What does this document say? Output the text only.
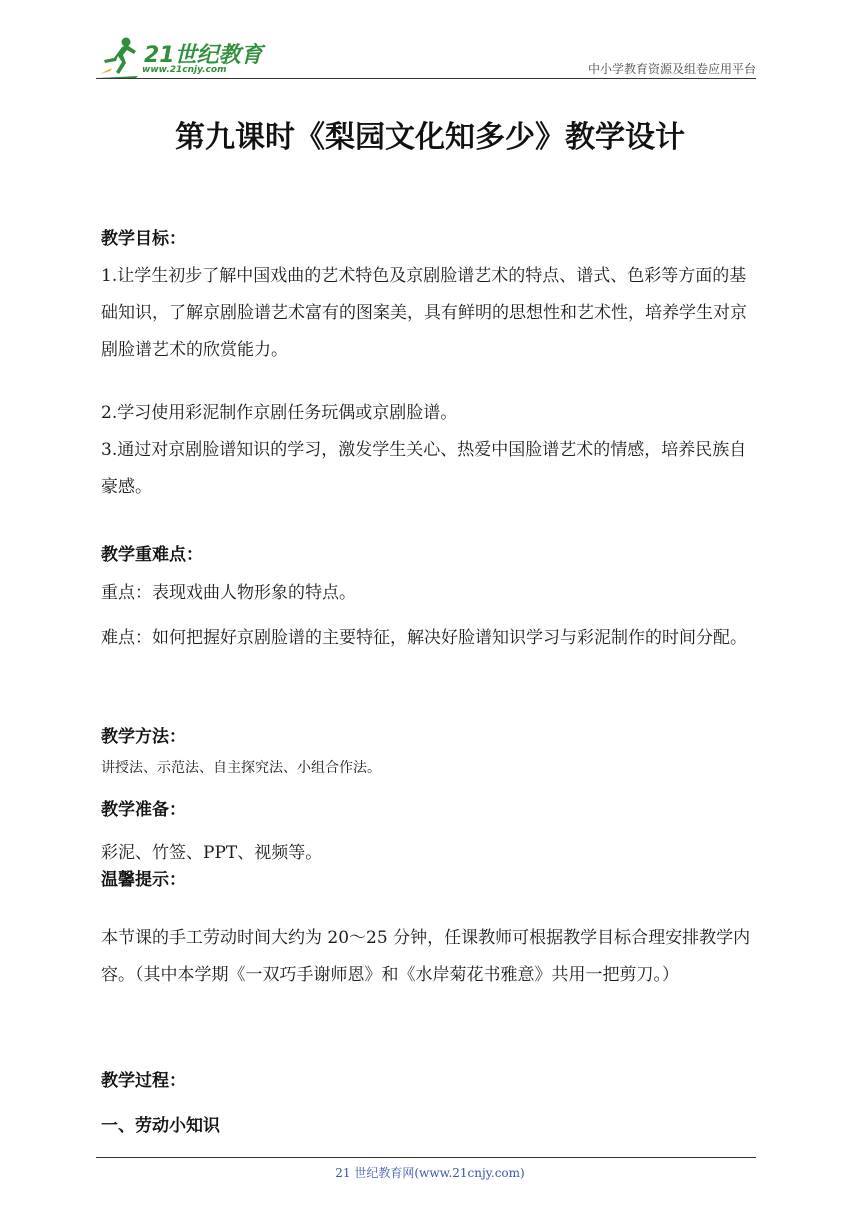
21世纪教育
www.21cnjy.com	中小学教育资源及组卷应用平台
第九课时《梨园文化知多少》教学设计
教学目标：
1.让学生初步了解中国戏曲的艺术特色及京剧脸谱艺术的特点、谱式、色彩等方面的基础知识，了解京剧脸谱艺术富有的图案美，具有鲜明的思想性和艺术性，培养学生对京剧脸谱艺术的欣赏能力。
2.学习使用彩泥制作京剧任务玩偶或京剧脸谱。
3.通过对京剧脸谱知识的学习，激发学生关心、热爱中国脸谱艺术的情感，培养民族自豪感。
教学重难点：
重点：表现戏曲人物形象的特点。
难点：如何把握好京剧脸谱的主要特征，解决好脸谱知识学习与彩泥制作的时间分配。
教学方法：
讲授法、示范法、自主探究法、小组合作法。
教学准备：
彩泥、竹签、PPT、视频等。
温馨提示：
本节课的手工劳动时间大约为 20～25 分钟，任课教师可根据教学目标合理安排教学内容。（其中本学期《一双巧手谢师恩》和《水岸菊花书雅意》共用一把剪刀。）
教学过程：
一、劳动小知识
21 世纪教育网(www.21cnjy.com)
